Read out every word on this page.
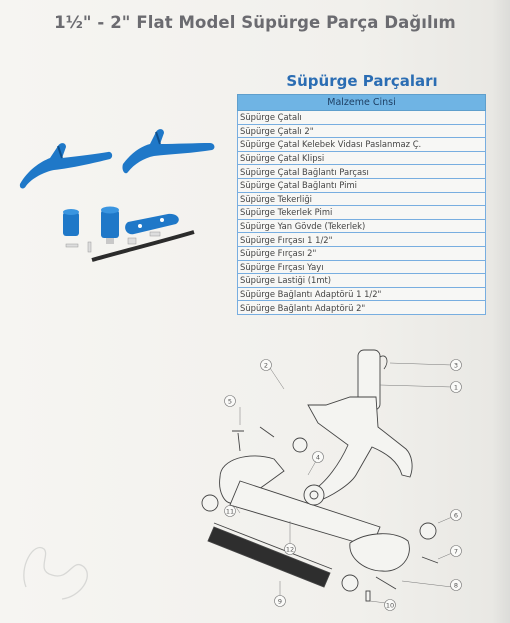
1½" - 2" Flat Model Süpürge Parça Dağılım
Süpürge Parçaları
Malzeme Cinsi
Süpürge Çatalı
Süpürge Çatalı 2"
Süpürge Çatal Kelebek Vidası Paslanmaz Ç.
Süpürge Çatal Klipsi
Süpürge Çatal Bağlantı Parçası
Süpürge Çatal Bağlantı Pimi
Süpürge Tekerliği
Süpürge Tekerlek Pimi
Süpürge Yan Gövde (Tekerlek)
Süpürge Fırçası 1 1/2"
Süpürge Fırçası 2"
Süpürge Fırçası Yayı
Süpürge Lastiği (1mt)
Süpürge Bağlantı Adaptörü 1 1/2"
Süpürge Bağlantı Adaptörü 2"
1
2	3
4
5
6
7
8
9	10
11
12
